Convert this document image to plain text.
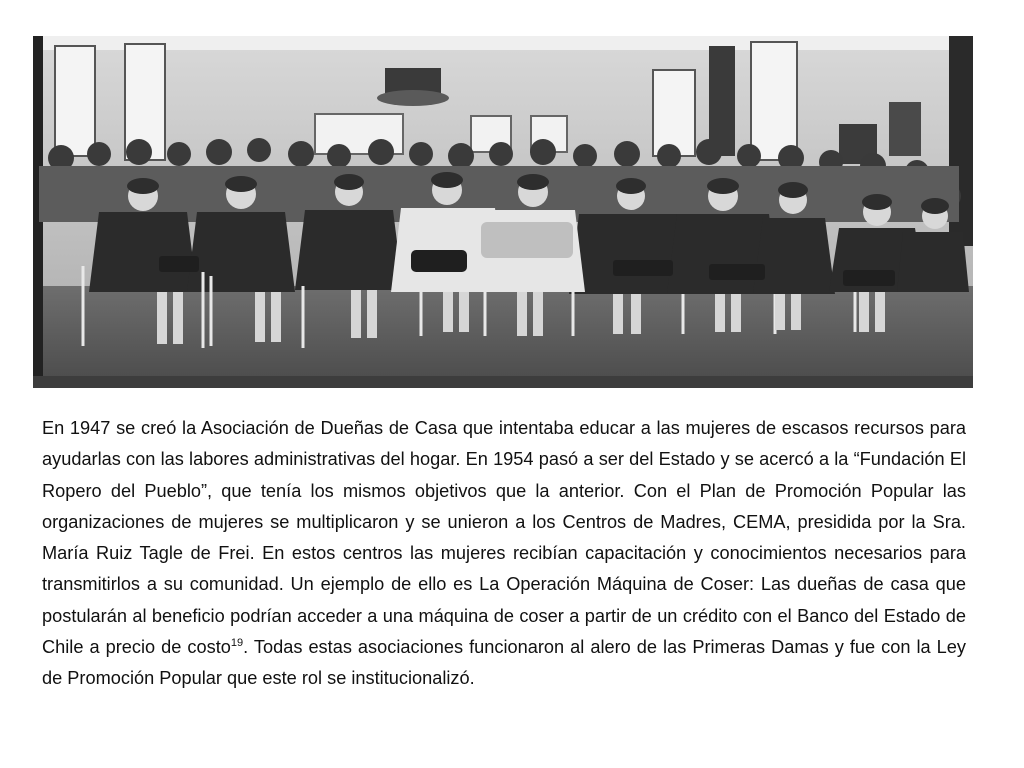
En 1947 se creó la Asociación de Dueñas de Casa que intentaba educar a las mujeres de escasos recursos para ayudarlas con las labores administrativas del hogar. En 1954 pasó a ser del Estado y se acercó a la “Fundación El Ropero del Pueblo”, que tenía los mismos objetivos que la anterior. Con el Plan de Promoción Popular las organizaciones de mujeres se multiplicaron y se unieron a los Centros de Madres, CEMA, presidida por la Sra. María Ruiz Tagle de Frei. En estos centros las mujeres recibían capacitación y conocimientos necesarios para transmitirlos a su comunidad. Un ejemplo de ello es La Operación Máquina de Coser: Las dueñas de casa que postularán al beneficio podrían acceder a una máquina de coser a partir de un crédito con el Banco del Estado de Chile a precio de costo$^{19}$. Todas estas asociaciones funcionaron al alero de las Primeras Damas y fue con la Ley de Promoción Popular que este rol se institucionalizó.
